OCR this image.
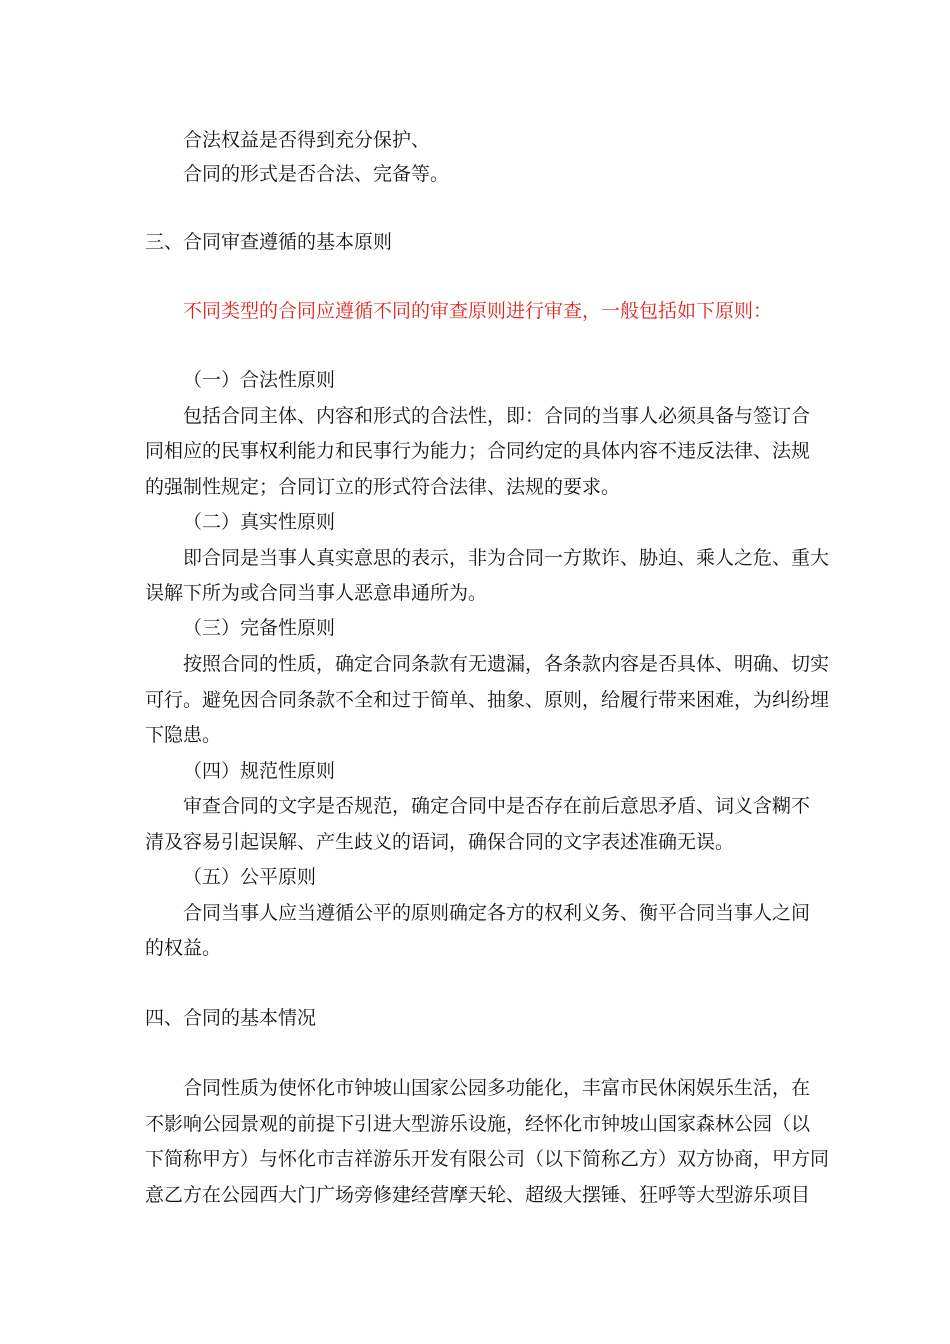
合法权益是否得到充分保护、
合同的形式是否合法、完备等。
三、合同审查遵循的基本原则
不同类型的合同应遵循不同的审查原则进行审查，一般包括如下原则：
（一）合法性原则
包括合同主体、内容和形式的合法性，即：合同的当事人必须具备与签订合
同相应的民事权利能力和民事行为能力；合同约定的具体内容不违反法律、法规
的强制性规定；合同订立的形式符合法律、法规的要求。
（二）真实性原则
即合同是当事人真实意思的表示，非为合同一方欺诈、胁迫、乘人之危、重大
误解下所为或合同当事人恶意串通所为。
（三）完备性原则
按照合同的性质，确定合同条款有无遗漏，各条款内容是否具体、明确、切实
可行。避免因合同条款不全和过于简单、抽象、原则，给履行带来困难，为纠纷埋
下隐患。
（四）规范性原则
审查合同的文字是否规范，确定合同中是否存在前后意思矛盾、词义含糊不
清及容易引起误解、产生歧义的语词，确保合同的文字表述准确无误。
（五）公平原则
合同当事人应当遵循公平的原则确定各方的权利义务、衡平合同当事人之间
的权益。
四、合同的基本情况
合同性质为使怀化市钟坡山国家公园多功能化，丰富市民休闲娱乐生活，在
不影响公园景观的前提下引进大型游乐设施，经怀化市钟坡山国家森林公园（以
下简称甲方）与怀化市吉祥游乐开发有限公司（以下简称乙方）双方协商，甲方同
意乙方在公园西大门广场旁修建经营摩天轮、超级大摆锤、狂呼等大型游乐项目
